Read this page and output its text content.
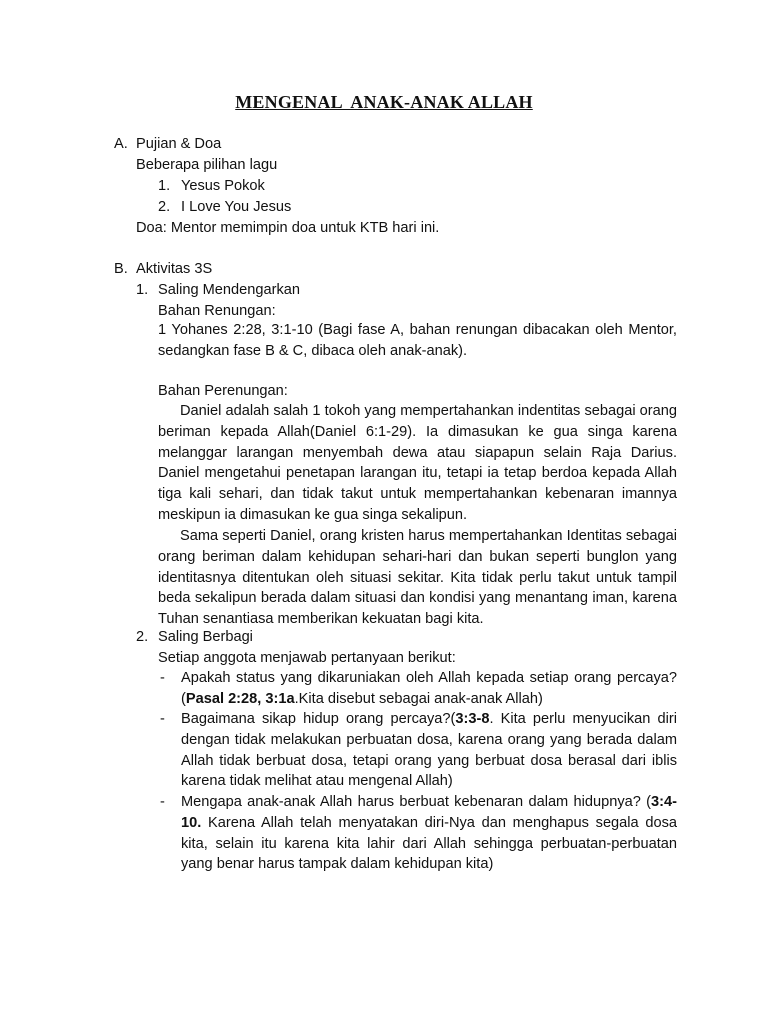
MENGENAL  ANAK-ANAK ALLAH
A. Pujian & Doa
Beberapa pilihan lagu
1. Yesus Pokok
2. I Love You Jesus
Doa: Mentor memimpin doa untuk KTB hari ini.
B. Aktivitas 3S
1. Saling Mendengarkan
Bahan Renungan:
1 Yohanes 2:28, 3:1-10 (Bagi fase A, bahan renungan dibacakan oleh Mentor, sedangkan fase B & C, dibaca oleh anak-anak).
Bahan Perenungan:
Daniel adalah salah 1 tokoh yang mempertahankan indentitas sebagai orang beriman kepada Allah(Daniel 6:1-29). Ia dimasukan ke gua singa karena melanggar larangan menyembah dewa atau siapapun selain Raja Darius. Daniel mengetahui penetapan larangan itu, tetapi ia tetap berdoa kepada Allah tiga kali sehari, dan tidak takut untuk mempertahankan kebenaran imannya meskipun ia dimasukan ke gua singa sekalipun.
Sama seperti Daniel, orang kristen harus mempertahankan Identitas sebagai orang beriman dalam kehidupan sehari-hari dan bukan seperti bunglon yang identitasnya ditentukan oleh situasi sekitar. Kita tidak perlu takut untuk tampil beda sekalipun berada dalam situasi dan kondisi yang menantang iman, karena Tuhan senantiasa memberikan kekuatan bagi kita.
2. Saling Berbagi
Setiap anggota menjawab pertanyaan berikut:
- Apakah status yang dikaruniakan oleh Allah kepada setiap orang percaya? (Pasal 2:28, 3:1a.Kita disebut sebagai anak-anak Allah)
- Bagaimana sikap hidup orang percaya?(3:3-8. Kita perlu menyucikan diri dengan tidak melakukan perbuatan dosa, karena orang yang berada dalam Allah tidak berbuat dosa, tetapi orang yang berbuat dosa berasal dari iblis karena tidak melihat atau mengenal Allah)
- Mengapa anak-anak Allah harus berbuat kebenaran dalam hidupnya? (3:4-10. Karena Allah telah menyatakan diri-Nya dan menghapus segala dosa kita, selain itu karena kita lahir dari Allah sehingga perbuatan-perbuatan yang benar harus tampak dalam kehidupan kita)
